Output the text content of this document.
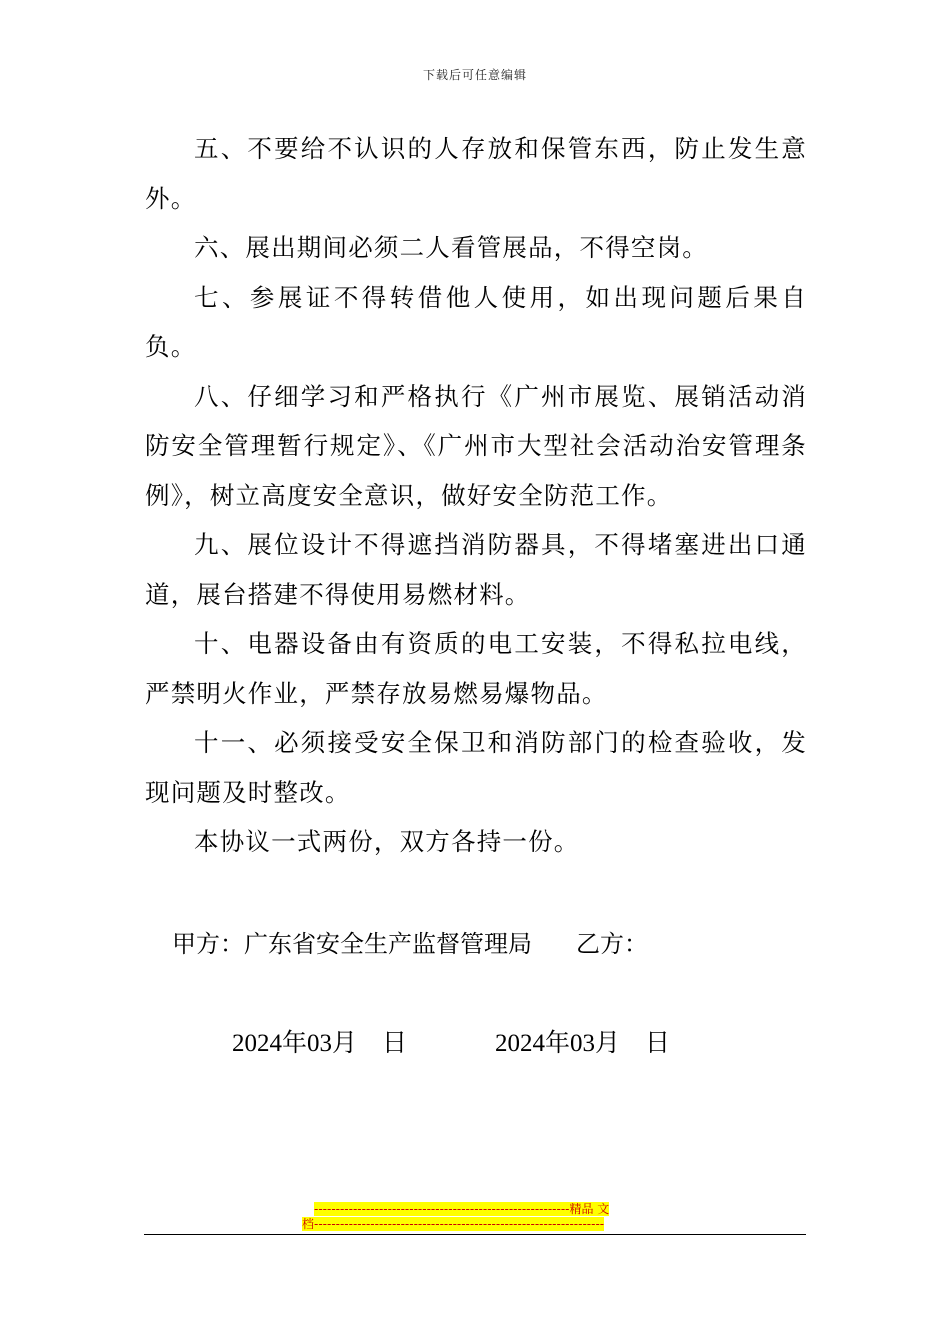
下载后可任意编辑

五、不要给不认识的人存放和保管东西，防止发生意外。

六、展出期间必须二人看管展品，不得空岗。

七、参展证不得转借他人使用，如出现问题后果自负。

八、仔细学习和严格执行《广州市展览、展销活动消防安全管理暂行规定》、《广州市大型社会活动治安管理条例》，树立高度安全意识，做好安全防范工作。

九、展位设计不得遮挡消防器具，不得堵塞进出口通道，展台搭建不得使用易燃材料。

十、电器设备由有资质的电工安装，不得私拉电线，严禁明火作业，严禁存放易燃易爆物品。

十一、必须接受安全保卫和消防部门的检查验收，发现问题及时整改。

本协议一式两份，双方各持一份。

甲方：广东省安全生产监督管理局 乙方：
2024年03月　日	2024年03月　日
-----------------------------------------------------------精品 文
档-------------------------------------------------------------------
